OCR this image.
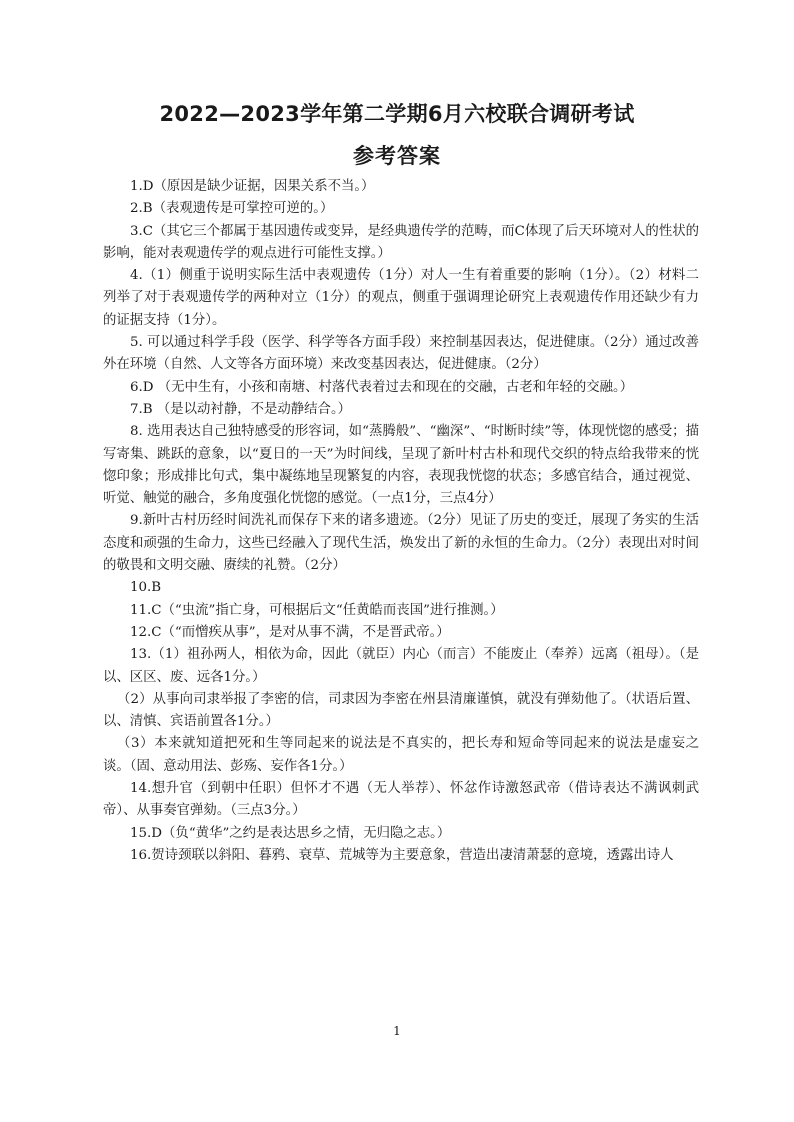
2022—2023学年第二学期6月六校联合调研考试
参考答案

1.D（原因是缺少证据，因果关系不当。）

2.B（表观遗传是可掌控可逆的。）

3.C（其它三个都属于基因遗传或变异，是经典遗传学的范畴，而C体现了后天环境对人的性状的影响，能对表观遗传学的观点进行可能性支撑。）

4.（1）侧重于说明实际生活中表观遗传（1分）对人一生有着重要的影响（1分）。（2）材料二列举了对于表观遗传学的两种对立（1分）的观点，侧重于强调理论研究上表观遗传作用还缺少有力的证据支持（1分）。

5. 可以通过科学手段（医学、科学等各方面手段）来控制基因表达，促进健康。（2分）通过改善外在环境（自然、人文等各方面环境）来改变基因表达，促进健康。（2分）

6.D （无中生有，小孩和南塘、村落代表着过去和现在的交融，古老和年轻的交融。）

7.B （是以动衬静，不是动静结合。）

8. 选用表达自己独特感受的形容词，如“蒸腾般”、“幽深”、“时断时续”等，体现恍惚的感受；描写寄集、跳跃的意象，以“夏日的一天”为时间线，呈现了新叶村古朴和现代交织的特点给我带来的恍惚印象；形成排比句式，集中凝练地呈现繁复的内容，表现我恍惚的状态；多感官结合，通过视觉、听觉、触觉的融合，多角度强化恍惚的感觉。（一点1分，三点4分）

9.新叶古村历经时间洗礼而保存下来的诸多遗迹。（2分）见证了历史的变迁，展现了务实的生活态度和顽强的生命力，这些已经融入了现代生活，焕发出了新的永恒的生命力。（2分）表现出对时间的敬畏和文明交融、赓续的礼赞。（2分）

10.B

11.C（“虫流”指亡身，可根据后文“任黄皓而丧国”进行推测。）

12.C（“而憎疾从事”，是对从事不满，不是晋武帝。）

13.（1）祖孙两人，相依为命，因此（就臣）内心（而言）不能废止（奉养）远离（祖母）。（是以、区区、废、远各1分。）

（2）从事向司隶举报了李密的信，司隶因为李密在州县清廉谨慎，就没有弹劾他了。（状语后置、以、清慎、宾语前置各1分。）

（3）本来就知道把死和生等同起来的说法是不真实的，把长寿和短命等同起来的说法是虚妄之谈。（固、意动用法、彭殇、妄作各1分。）

14.想升官（到朝中任职）但怀才不遇（无人举荐）、怀忿作诗激怒武帝（借诗表达不满讽刺武帝）、从事奏官弹劾。（三点3分。）

15.D（负“黄华”之约是表达思乡之情，无归隐之志。）

16.贺诗颈联以斜阳、暮鸦、衰草、荒城等为主要意象，营造出凄清萧瑟的意境，透露出诗人

1
